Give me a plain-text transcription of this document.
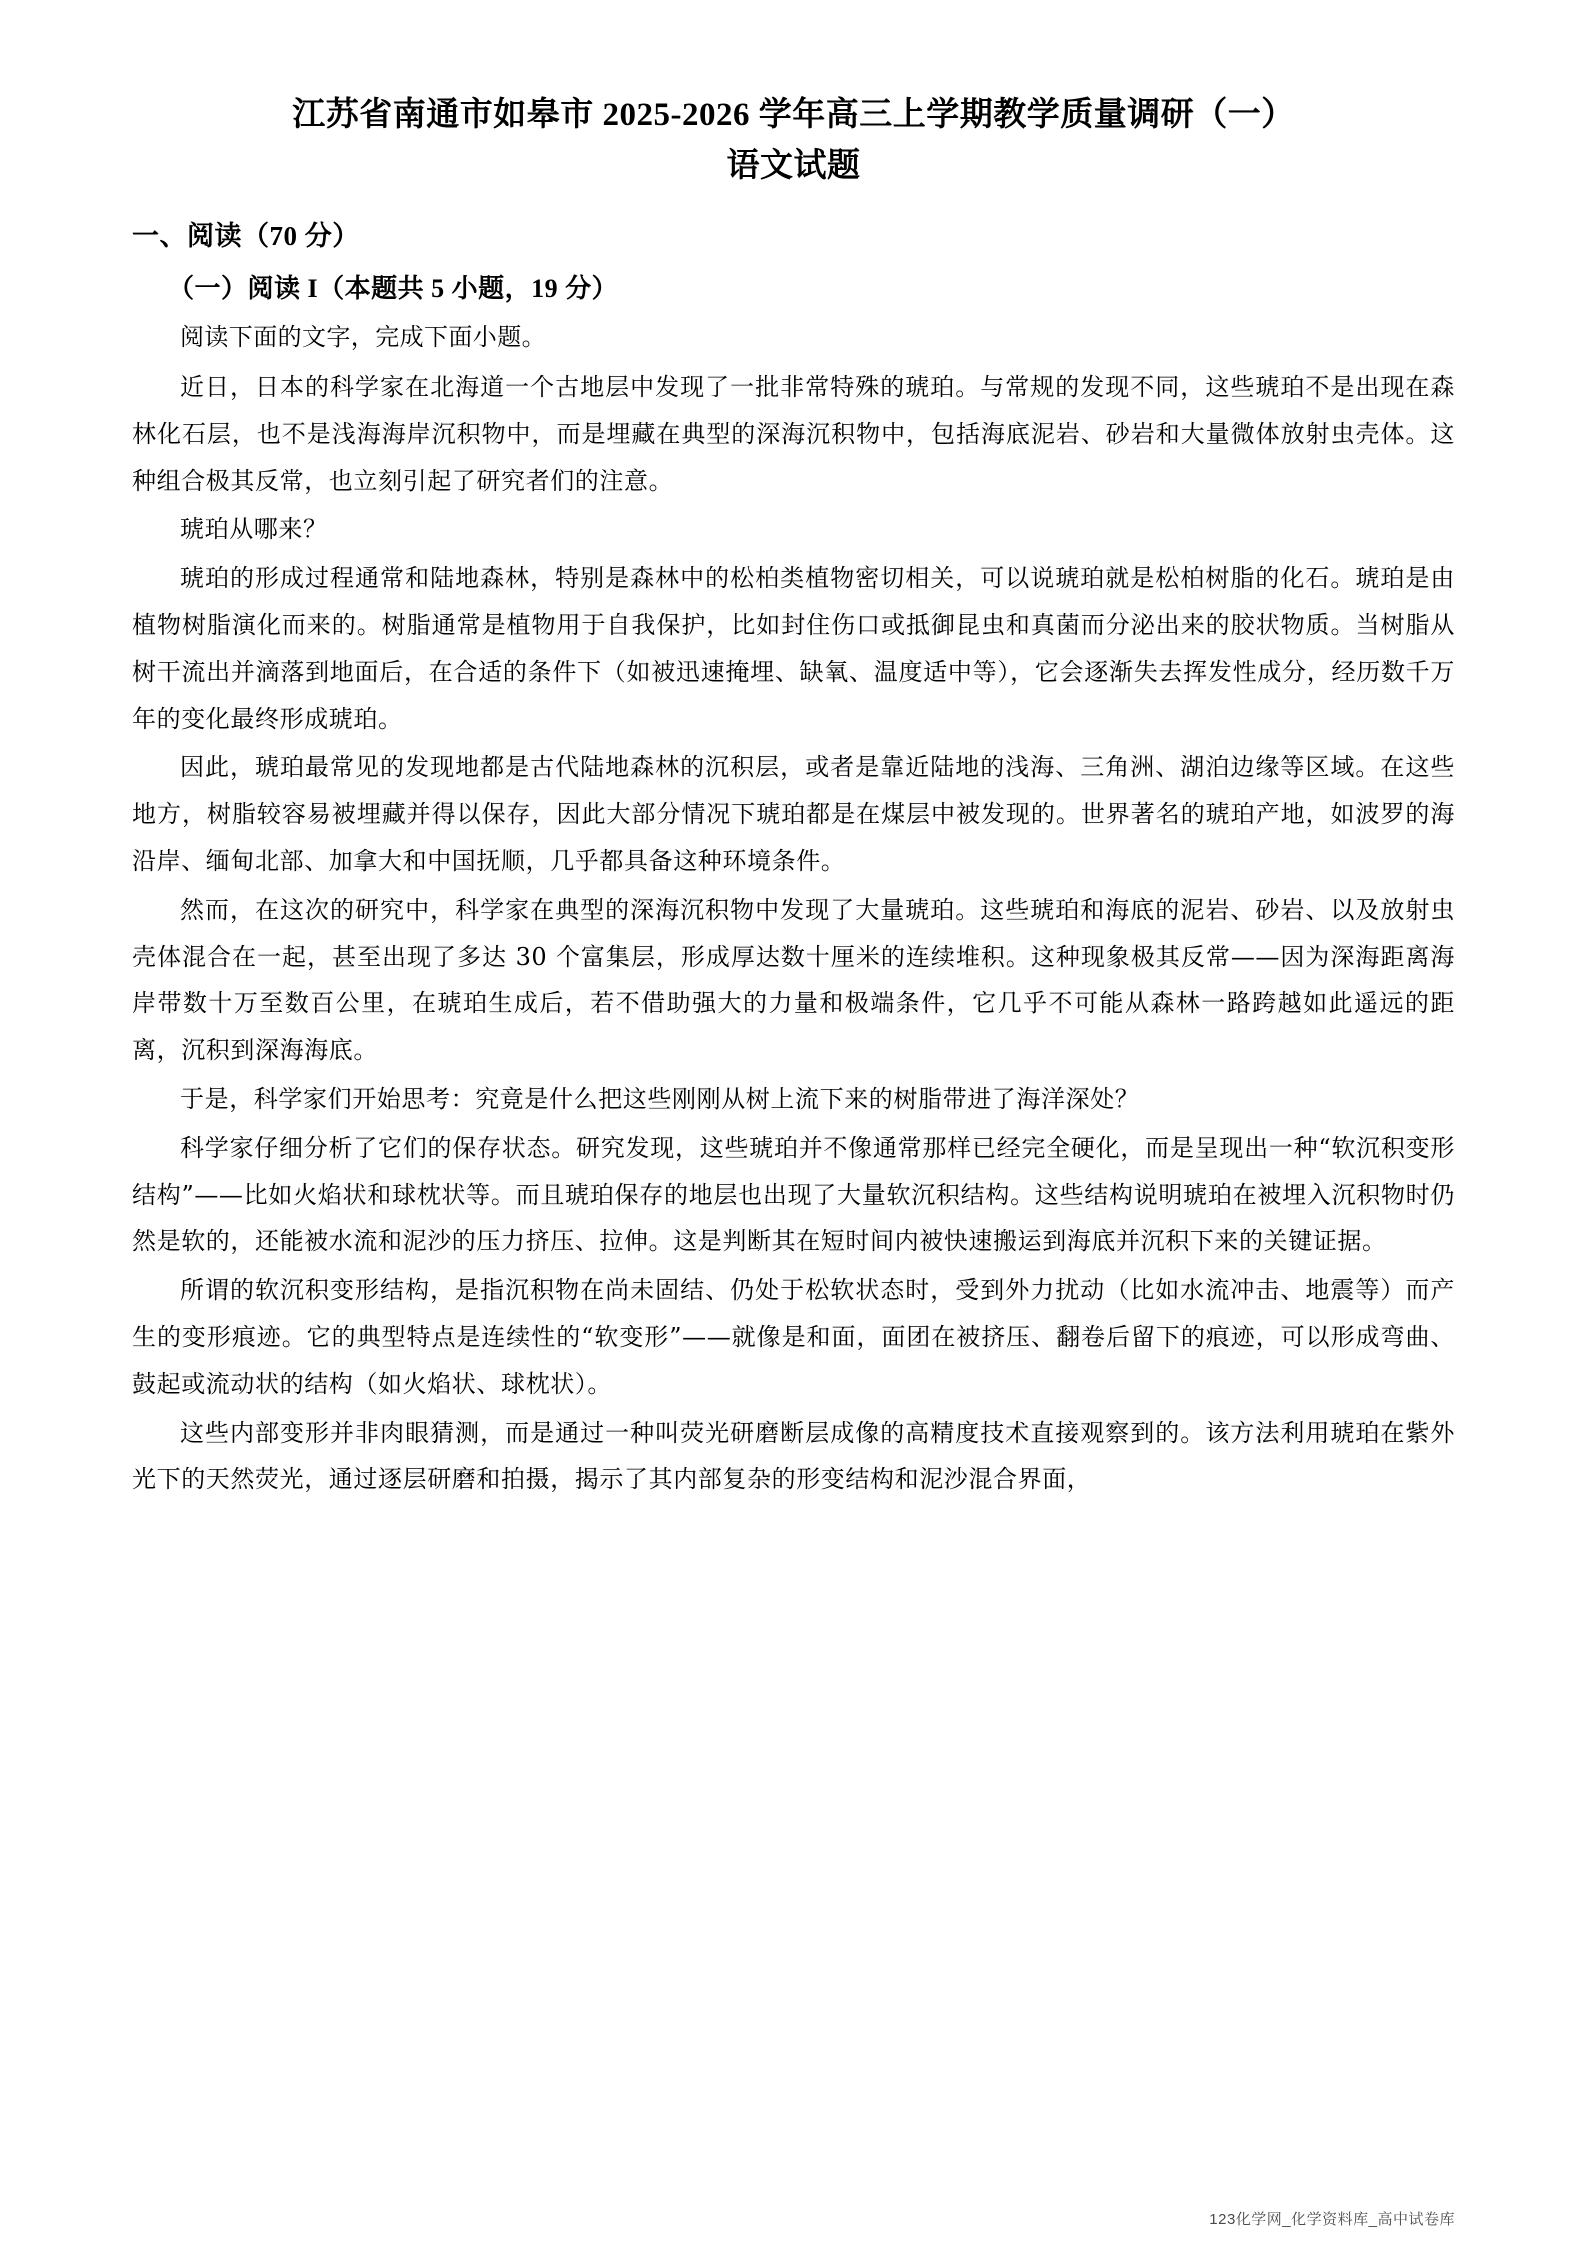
江苏省南通市如皋市 2025-2026 学年高三上学期教学质量调研（一）
语文试题
一、阅读（70 分）
（一）阅读 I（本题共 5 小题，19 分）

阅读下面的文字，完成下面小题。

近日，日本的科学家在北海道一个古地层中发现了一批非常特殊的琥珀。与常规的发现不同，这些琥珀不是出现在森林化石层，也不是浅海海岸沉积物中，而是埋藏在典型的深海沉积物中，包括海底泥岩、砂岩和大量微体放射虫壳体。这种组合极其反常，也立刻引起了研究者们的注意。

琥珀从哪来？

琥珀的形成过程通常和陆地森林，特别是森林中的松柏类植物密切相关，可以说琥珀就是松柏树脂的化石。琥珀是由植物树脂演化而来的。树脂通常是植物用于自我保护，比如封住伤口或抵御昆虫和真菌而分泌出来的胶状物质。当树脂从树干流出并滴落到地面后，在合适的条件下（如被迅速掩埋、缺氧、温度适中等），它会逐渐失去挥发性成分，经历数千万年的变化最终形成琥珀。

因此，琥珀最常见的发现地都是古代陆地森林的沉积层，或者是靠近陆地的浅海、三角洲、湖泊边缘等区域。在这些地方，树脂较容易被埋藏并得以保存，因此大部分情况下琥珀都是在煤层中被发现的。世界著名的琥珀产地，如波罗的海沿岸、缅甸北部、加拿大和中国抚顺，几乎都具备这种环境条件。

然而，在这次的研究中，科学家在典型的深海沉积物中发现了大量琥珀。这些琥珀和海底的泥岩、砂岩、以及放射虫壳体混合在一起，甚至出现了多达 30 个富集层，形成厚达数十厘米的连续堆积。这种现象极其反常——因为深海距离海岸带数十万至数百公里，在琥珀生成后，若不借助强大的力量和极端条件，它几乎不可能从森林一路跨越如此遥远的距离，沉积到深海海底。

于是，科学家们开始思考：究竟是什么把这些刚刚从树上流下来的树脂带进了海洋深处？

科学家仔细分析了它们的保存状态。研究发现，这些琥珀并不像通常那样已经完全硬化，而是呈现出一种“软沉积变形结构”——比如火焰状和球枕状等。而且琥珀保存的地层也出现了大量软沉积结构。这些结构说明琥珀在被埋入沉积物时仍然是软的，还能被水流和泥沙的压力挤压、拉伸。这是判断其在短时间内被快速搬运到海底并沉积下来的关键证据。

所谓的软沉积变形结构，是指沉积物在尚未固结、仍处于松软状态时，受到外力扰动（比如水流冲击、地震等）而产生的变形痕迹。它的典型特点是连续性的“软变形”——就像是和面，面团在被挤压、翻卷后留下的痕迹，可以形成弯曲、鼓起或流动状的结构（如火焰状、球枕状）。

这些内部变形并非肉眼猜测，而是通过一种叫荧光研磨断层成像的高精度技术直接观察到的。该方法利用琥珀在紫外光下的天然荧光，通过逐层研磨和拍摄，揭示了其内部复杂的形变结构和泥沙混合界面，

123化学网_化学资料库_高中试卷库
